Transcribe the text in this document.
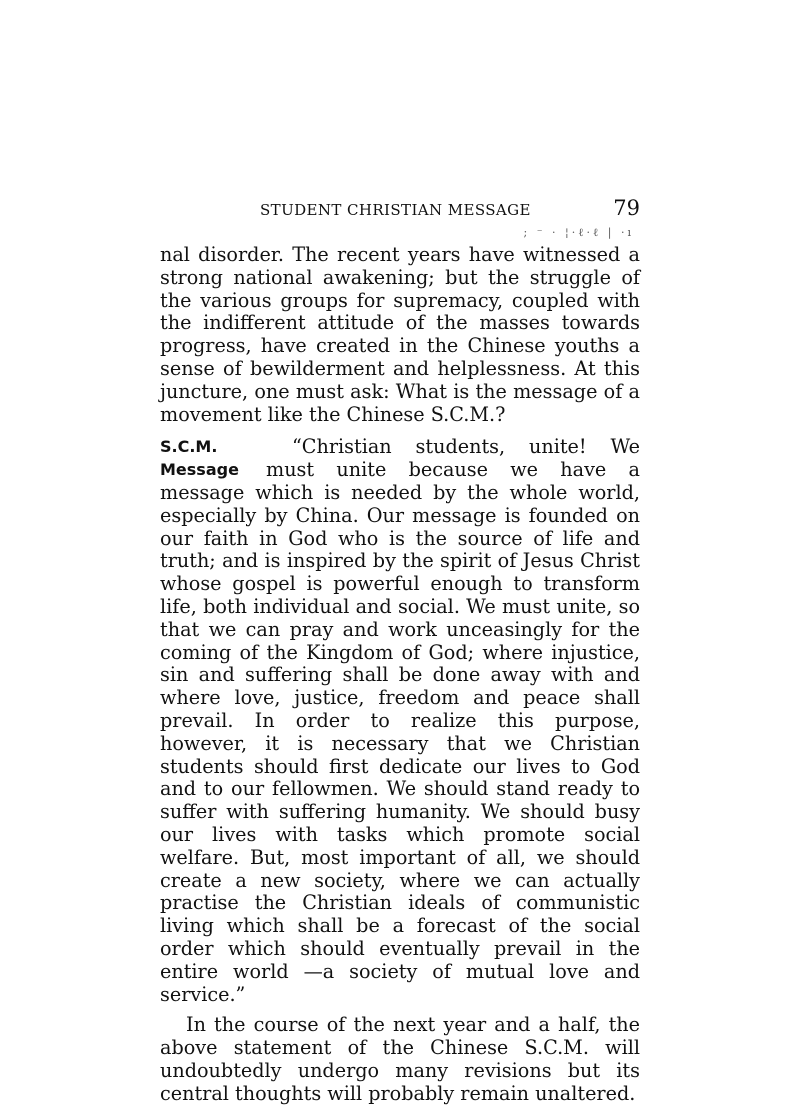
STUDENT CHRISTIAN MESSAGE	79
; ⁻ · ¦·ℓ·ℓ | ·ı

nal disorder. The recent years have witnessed a strong national awakening; but the struggle of the various groups for supremacy, coupled with the indifferent attitude of the masses towards progress, have created in the Chinese youths a sense of bewilderment and helplessness. At this juncture, one must ask: What is the message of a movement like the Chinese S.C.M.?

S.C.M.
Message

“Christian students, unite! We must unite because we have a message which is needed by the whole world, especially by China. Our message is founded on our faith in God who is the source of life and truth; and is inspired by the spirit of Jesus Christ whose gospel is powerful enough to transform life, both individual and social. We must unite, so that we can pray and work unceasingly for the coming of the Kingdom of God; where injustice, sin and suffering shall be done away with and where love, justice, freedom and peace shall prevail. In order to realize this purpose, however, it is necessary that we Christian students should first dedicate our lives to God and to our fellowmen. We should stand ready to suffer with suffering humanity. We should busy our lives with tasks which promote social welfare. But, most important of all, we should create a new society, where we can actually practise the Christian ideals of communistic living which shall be a forecast of the social order which should eventually prevail in the entire world —a society of mutual love and service.”

In the course of the next year and a half, the above statement of the Chinese S.C.M. will undoubtedly undergo many revisions but its central thoughts will probably remain unaltered.
